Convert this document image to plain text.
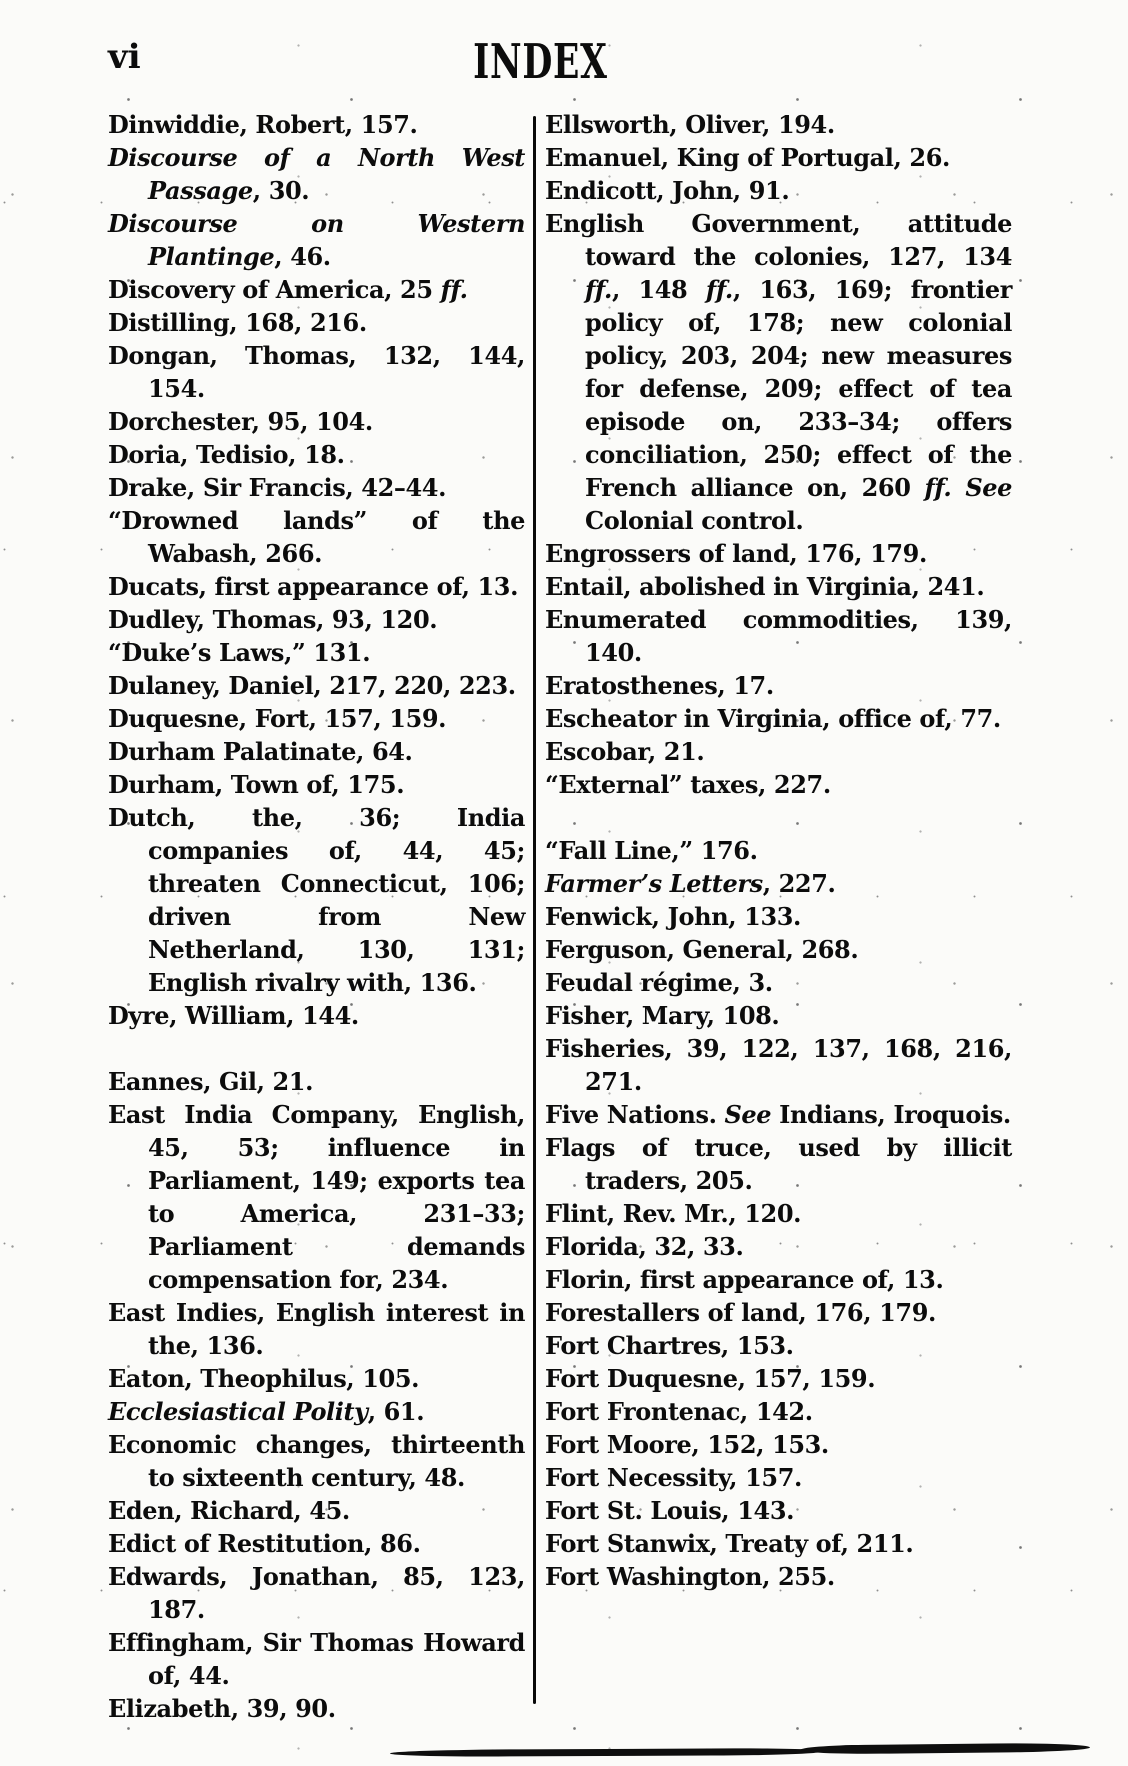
vi	INDEX

Dinwiddie, Robert, 157.

Discourse of a North West Passage, 30.

Discourse on Western Plantinge, 46.

Discovery of America, 25 ff.

Distilling, 168, 216.

Dongan, Thomas, 132, 144, 154.

Dorchester, 95, 104.

Doria, Tedisio, 18.

Drake, Sir Francis, 42–44.

“Drowned lands” of the Wabash, 266.

Ducats, first appearance of, 13.

Dudley, Thomas, 93, 120.

“Duke’s Laws,” 131.

Dulaney, Daniel, 217, 220, 223.

Duquesne, Fort, 157, 159.

Durham Palatinate, 64.

Durham, Town of, 175.

Dutch, the, 36; India companies of, 44, 45; threaten Connecticut, 106; driven from New Netherland, 130, 131; English rivalry with, 136.

Dyre, William, 144.

Eannes, Gil, 21.

East India Company, English, 45, 53; influence in Parliament, 149; exports tea to America, 231–33; Parliament demands compensation for, 234.

East Indies, English interest in the, 136.

Eaton, Theophilus, 105.

Ecclesiastical Polity, 61.

Economic changes, thirteenth to sixteenth century, 48.

Eden, Richard, 45.

Edict of Restitution, 86.

Edwards, Jonathan, 85, 123, 187.

Effingham, Sir Thomas Howard of, 44.

Elizabeth, 39, 90.

Ellsworth, Oliver, 194.

Emanuel, King of Portugal, 26.

Endicott, John, 91.

English Government, attitude toward the colonies, 127, 134 ff., 148 ff., 163, 169; frontier policy of, 178; new colonial policy, 203, 204; new measures for defense, 209; effect of tea episode on, 233–34; offers conciliation, 250; effect of the French alliance on, 260 ff. See Colonial control.

Engrossers of land, 176, 179.

Entail, abolished in Virginia, 241.

Enumerated commodities, 139, 140.

Eratosthenes, 17.

Escheator in Virginia, office of, 77.

Escobar, 21.

“External” taxes, 227.

“Fall Line,” 176.

Farmer’s Letters, 227.

Fenwick, John, 133.

Ferguson, General, 268.

Feudal régime, 3.

Fisher, Mary, 108.

Fisheries, 39, 122, 137, 168, 216, 271.

Five Nations. See Indians, Iroquois.

Flags of truce, used by illicit traders, 205.

Flint, Rev. Mr., 120.

Florida, 32, 33.

Florin, first appearance of, 13.

Forestallers of land, 176, 179.

Fort Chartres, 153.

Fort Duquesne, 157, 159.

Fort Frontenac, 142.

Fort Moore, 152, 153.

Fort Necessity, 157.

Fort St. Louis, 143.

Fort Stanwix, Treaty of, 211.

Fort Washington, 255.
